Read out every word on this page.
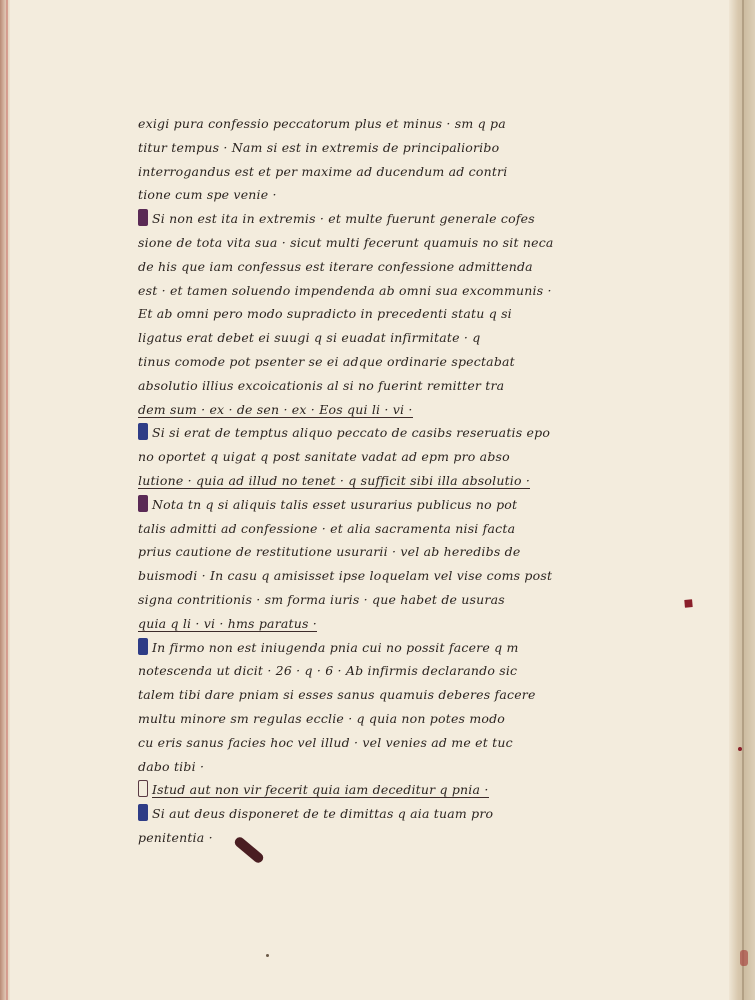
exigi pura confessio peccatorum plus et minus · sm q pa
titur tempus · Nam si est in extremis de principalioribo
interrogandus est et per maxime ad ducendum ad contri
tione cum spe venie ·
Si non est ita in extremis · et multe fuerunt generale cofes
sione de tota vita sua · sicut multi fecerunt quamuis no sit neca
de his que iam confessus est iterare confessione admittenda
est · et tamen soluendo impendenda ab omni sua excommunis ·
Et ab omni pero modo supradicto in precedenti statu q si
ligatus erat debet ei suugi q si euadat infirmitate · q
tinus comode pot psenter se ei adque ordinarie spectabat
absolutio illius excoicationis al si no fuerint remitter tra
dem sum · ex · de sen · ex · Eos qui li · vi ·
Si si erat de temptus aliquo peccato de casibs reseruatis epo
no oportet q uigat q post sanitate vadat ad epm pro abso
lutione · quia ad illud no tenet · q sufficit sibi illa absolutio ·
Nota tn q si aliquis talis esset usurarius publicus no pot
talis admitti ad confessione · et alia sacramenta nisi facta
prius cautione de restitutione usurarii · vel ab heredibs de
buismodi · In casu q amisisset ipse loquelam vel vise coms post
signa contritionis · sm forma iuris · que habet de usuras
quia q li · vi · hms paratus ·
In firmo non est iniugenda pnia cui no possit facere q m
notescenda ut dicit · 26 · q · 6 · Ab infirmis declarando sic
talem tibi dare pniam si esses sanus quamuis deberes facere
multu minore sm regulas ecclie · q quia non potes modo
cu eris sanus facies hoc vel illud · vel venies ad me et tuc
dabo tibi ·
Istud aut non vir fecerit quia iam deceditur q pnia ·
Si aut deus disponeret de te dimittas q aia tuam pro
penitentia ·
